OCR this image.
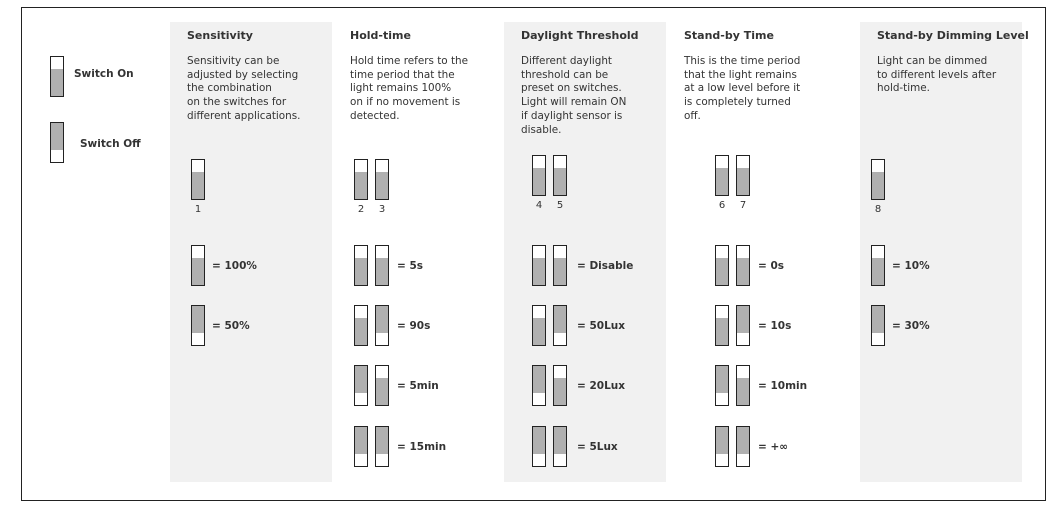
Switch On
Switch Off
Sensitivity
Sensitivity can be
adjusted by selecting
the combination
on the switches for
different applications.
1
= 100%
= 50%
Hold-time
Hold time refers to the
time period that the
light remains 100%
on if no movement is
detected.
2	3
= 5s
= 90s
= 5min
= 15min
Daylight Threshold
Different daylight
threshold can be
preset on switches.
Light will remain ON
if daylight sensor is
disable.
4	5
= Disable
= 50Lux
= 20Lux
= 5Lux
Stand-by Time
This is the time period
that the light remains
at a low level before it
is completely turned
off.
6	7
= 0s
= 10s
= 10min
= +∞
Stand-by Dimming Level
Light can be dimmed
to different levels after
hold-time.
8
= 10%
= 30%
